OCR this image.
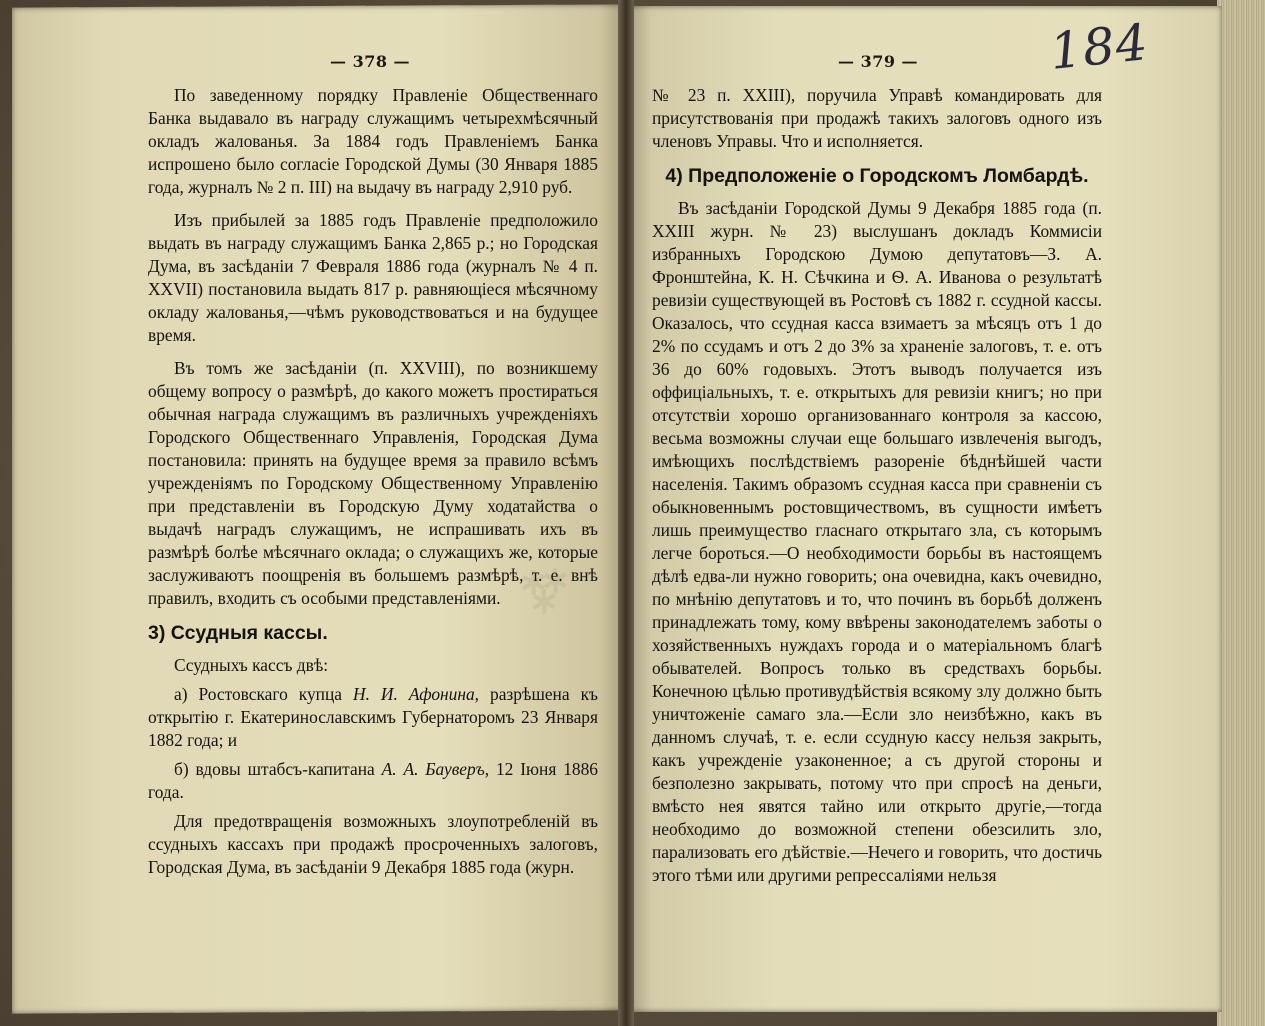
⁂
— 378 —	— 379 —	184

По заведенному порядку Правленіе Общественнаго Банка выдавало въ награду служащимъ четырехмѣсячный окладъ жалованья. За 1884 годъ Правленіемъ Банка испрошено было согласіе Городской Думы (30 Января 1885 года, журналъ № 2 п. III) на выдачу въ награду 2,910 руб.

Изъ прибылей за 1885 годъ Правленіе предположило выдать въ награду служащимъ Банка 2,865 р.; но Городская Дума, въ засѣданіи 7 Февраля 1886 года (журналъ № 4 п. XXVII) постановила выдать 817 р. равняющіеся мѣсячному окладу жалованья,—чѣмъ руководствоваться и на будущее время.

Въ томъ же засѣданіи (п. XXVIII), по возникшему общему вопросу о размѣрѣ, до какого можетъ простираться обычная награда служащимъ въ различныхъ учрежденіяхъ Городского Общественнаго Управленія, Городская Дума постановила: принять на будущее время за правило всѣмъ учрежденіямъ по Городскому Общественному Управленію при представленіи въ Городскую Думу ходатайства о выдачѣ наградъ служащимъ, не испрашивать ихъ въ размѣрѣ болѣе мѣсячнаго оклада; о служащихъ же, которые заслуживаютъ поощренія въ большемъ размѣрѣ, т. е. внѣ правилъ, входить съ особыми представленіями.

3) Ссудныя кассы.

Ссудныхъ кассъ двѣ:

а) Ростовскаго купца Н. И. Афонина, разрѣшена къ открытію г. Екатеринославскимъ Губернаторомъ 23 Января 1882 года; и

б) вдовы штабсъ-капитана А. А. Бауверъ, 12 Іюня 1886 года.

Для предотвращенія возможныхъ злоупотребленій въ ссудныхъ кассахъ при продажѣ просроченныхъ залоговъ, Городская Дума, въ засѣданіи 9 Декабря 1885 года (журн.

№ 23 п. XXIII), поручила Управѣ командировать для присутствованія при продажѣ такихъ залоговъ одного изъ членовъ Управы. Что и исполняется.

4) Предположеніе о Городскомъ Ломбардѣ.

Въ засѣданіи Городской Думы 9 Декабря 1885 года (п. XXIII журн. № 23) выслушанъ докладъ Коммисіи избранныхъ Городскою Думою депутатовъ—З. А. Фронштейна, К. Н. Сѣчкина и Ѳ. А. Иванова о результатѣ ревизіи существующей въ Ростовѣ съ 1882 г. ссудной кассы. Оказалось, что ссудная касса взимаетъ за мѣсяцъ отъ 1 до 2% по ссудамъ и отъ 2 до 3% за храненіе залоговъ, т. е. отъ 36 до 60% годовыхъ. Этотъ выводъ получается изъ оффиціальныхъ, т. е. открытыхъ для ревизіи книгъ; но при отсутствіи хорошо организованнаго контроля за кассою, весьма возможны случаи еще большаго извлеченія выгодъ, имѣющихъ послѣдствіемъ разореніе бѣднѣйшей части населенія. Такимъ образомъ ссудная касса при сравненіи съ обыкновеннымъ ростовщичествомъ, въ сущности имѣетъ лишь преимущество гласнаго открытаго зла, съ которымъ легче бороться.—О необходимости борьбы въ настоящемъ дѣлѣ едва-ли нужно говорить; она очевидна, какъ очевидно, по мнѣнію депутатовъ и то, что починъ въ борьбѣ долженъ принадлежать тому, кому ввѣрены законодателемъ заботы о хозяйственныхъ нуждахъ города и о матеріальномъ благѣ обывателей. Вопросъ только въ средствахъ борьбы. Конечною цѣлью противудѣйствія всякому злу должно быть уничтоженіе самаго зла.—Если зло неизбѣжно, какъ въ данномъ случаѣ, т. е. если ссудную кассу нельзя закрыть, какъ учрежденіе узаконенное; а съ другой стороны и безполезно закрывать, потому что при спросѣ на деньги, вмѣсто нея явятся тайно или открыто другіе,—тогда необходимо до возможной степени обезсилить зло, парализовать его дѣйствіе.—Нечего и говорить, что достичь этого тѣми или другими репрессаліями нельзя
